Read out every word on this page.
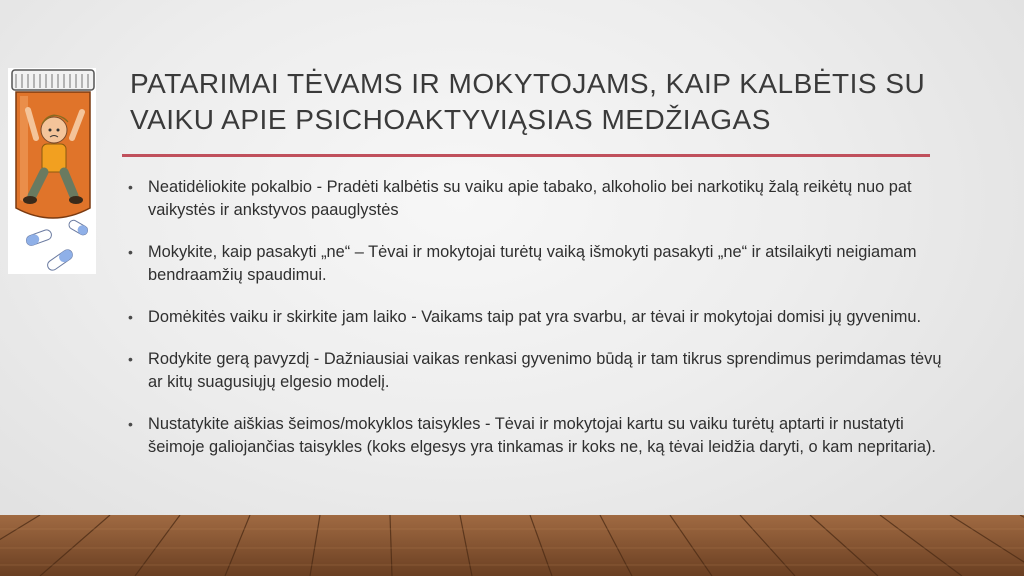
PATARIMAI TĖVAMS IR MOKYTOJAMS, KAIP KALBĖTIS SU
VAIKU APIE PSICHOAKTYVIĄSIAS MEDŽIAGAS
• Neatidėliokite pokalbio - Pradėti kalbėtis su vaiku apie tabako, alkoholio bei narkotikų žalą reikėtų nuo pat vaikystės ir ankstyvos paauglystės
• Mokykite, kaip pasakyti „ne“ – Tėvai ir mokytojai turėtų vaiką išmokyti pasakyti „ne“ ir atsilaikyti neigiamam bendraamžių spaudimui.
• Domėkitės vaiku ir skirkite jam laiko - Vaikams taip pat yra svarbu, ar tėvai ir mokytojai domisi jų gyvenimu.
• Rodykite gerą pavyzdį - Dažniausiai vaikas renkasi gyvenimo būdą ir tam tikrus sprendimus perimdamas tėvų ar kitų suagusiųjų elgesio modelį.
• Nustatykite aiškias šeimos/mokyklos taisykles - Tėvai ir mokytojai kartu su vaiku turėtų aptarti ir nustatyti šeimoje galiojančias taisykles (koks elgesys yra tinkamas ir koks ne, ką tėvai leidžia daryti, o kam nepritaria).
